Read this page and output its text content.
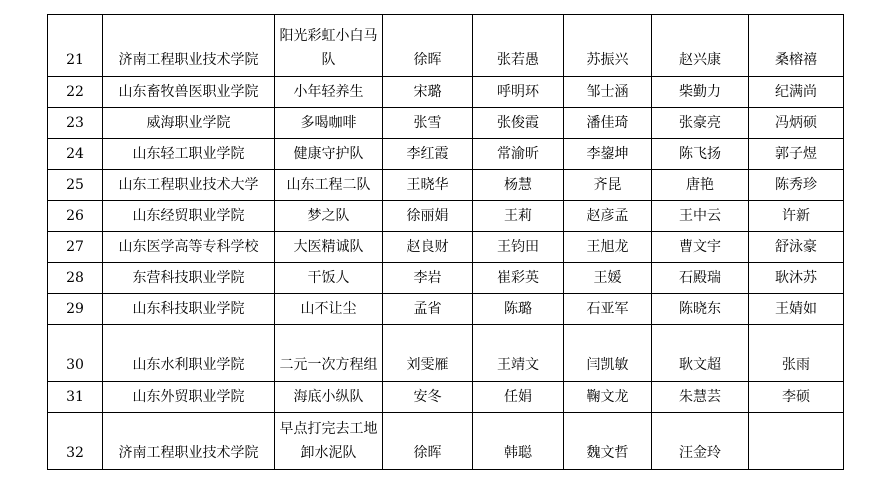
21	济南工程职业技术学院	阳光彩虹小白马队	徐晖	张若愚	苏振兴	赵兴康	桑榕禧
22	山东畜牧兽医职业学院	小年轻养生	宋璐	呼明环	邹士涵	柴勤力	纪满尚
23	威海职业学院	多喝咖啡	张雪	张俊霞	潘佳琦	张豪亮	冯炳硕
24	山东轻工职业学院	健康守护队	李红霞	常渝昕	李鋆坤	陈飞扬	郭子煜
25	山东工程职业技术大学	山东工程二队	王晓华	杨慧	齐昆	唐艳	陈秀珍
26	山东经贸职业学院	梦之队	徐丽娟	王莉	赵彦孟	王中云	许新
27	山东医学高等专科学校	大医精诚队	赵良财	王钧田	王旭龙	曹文宇	舒泳豪
28	东营科技职业学院	干饭人	李岩	崔彩英	王媛	石殿瑞	耿沐苏
29	山东科技职业学院	山不让尘	孟省	陈璐	石亚军	陈晓东	王婧如
30	山东水利职业学院	二元一次方程组	刘雯雁	王靖文	闫凯敏	耿文超	张雨
31	山东外贸职业学院	海底小纵队	安冬	任娟	鞠文龙	朱慧芸	李硕
32	济南工程职业技术学院	早点打完去工地卸水泥队	徐晖	韩聪	魏文哲	汪金玲	
